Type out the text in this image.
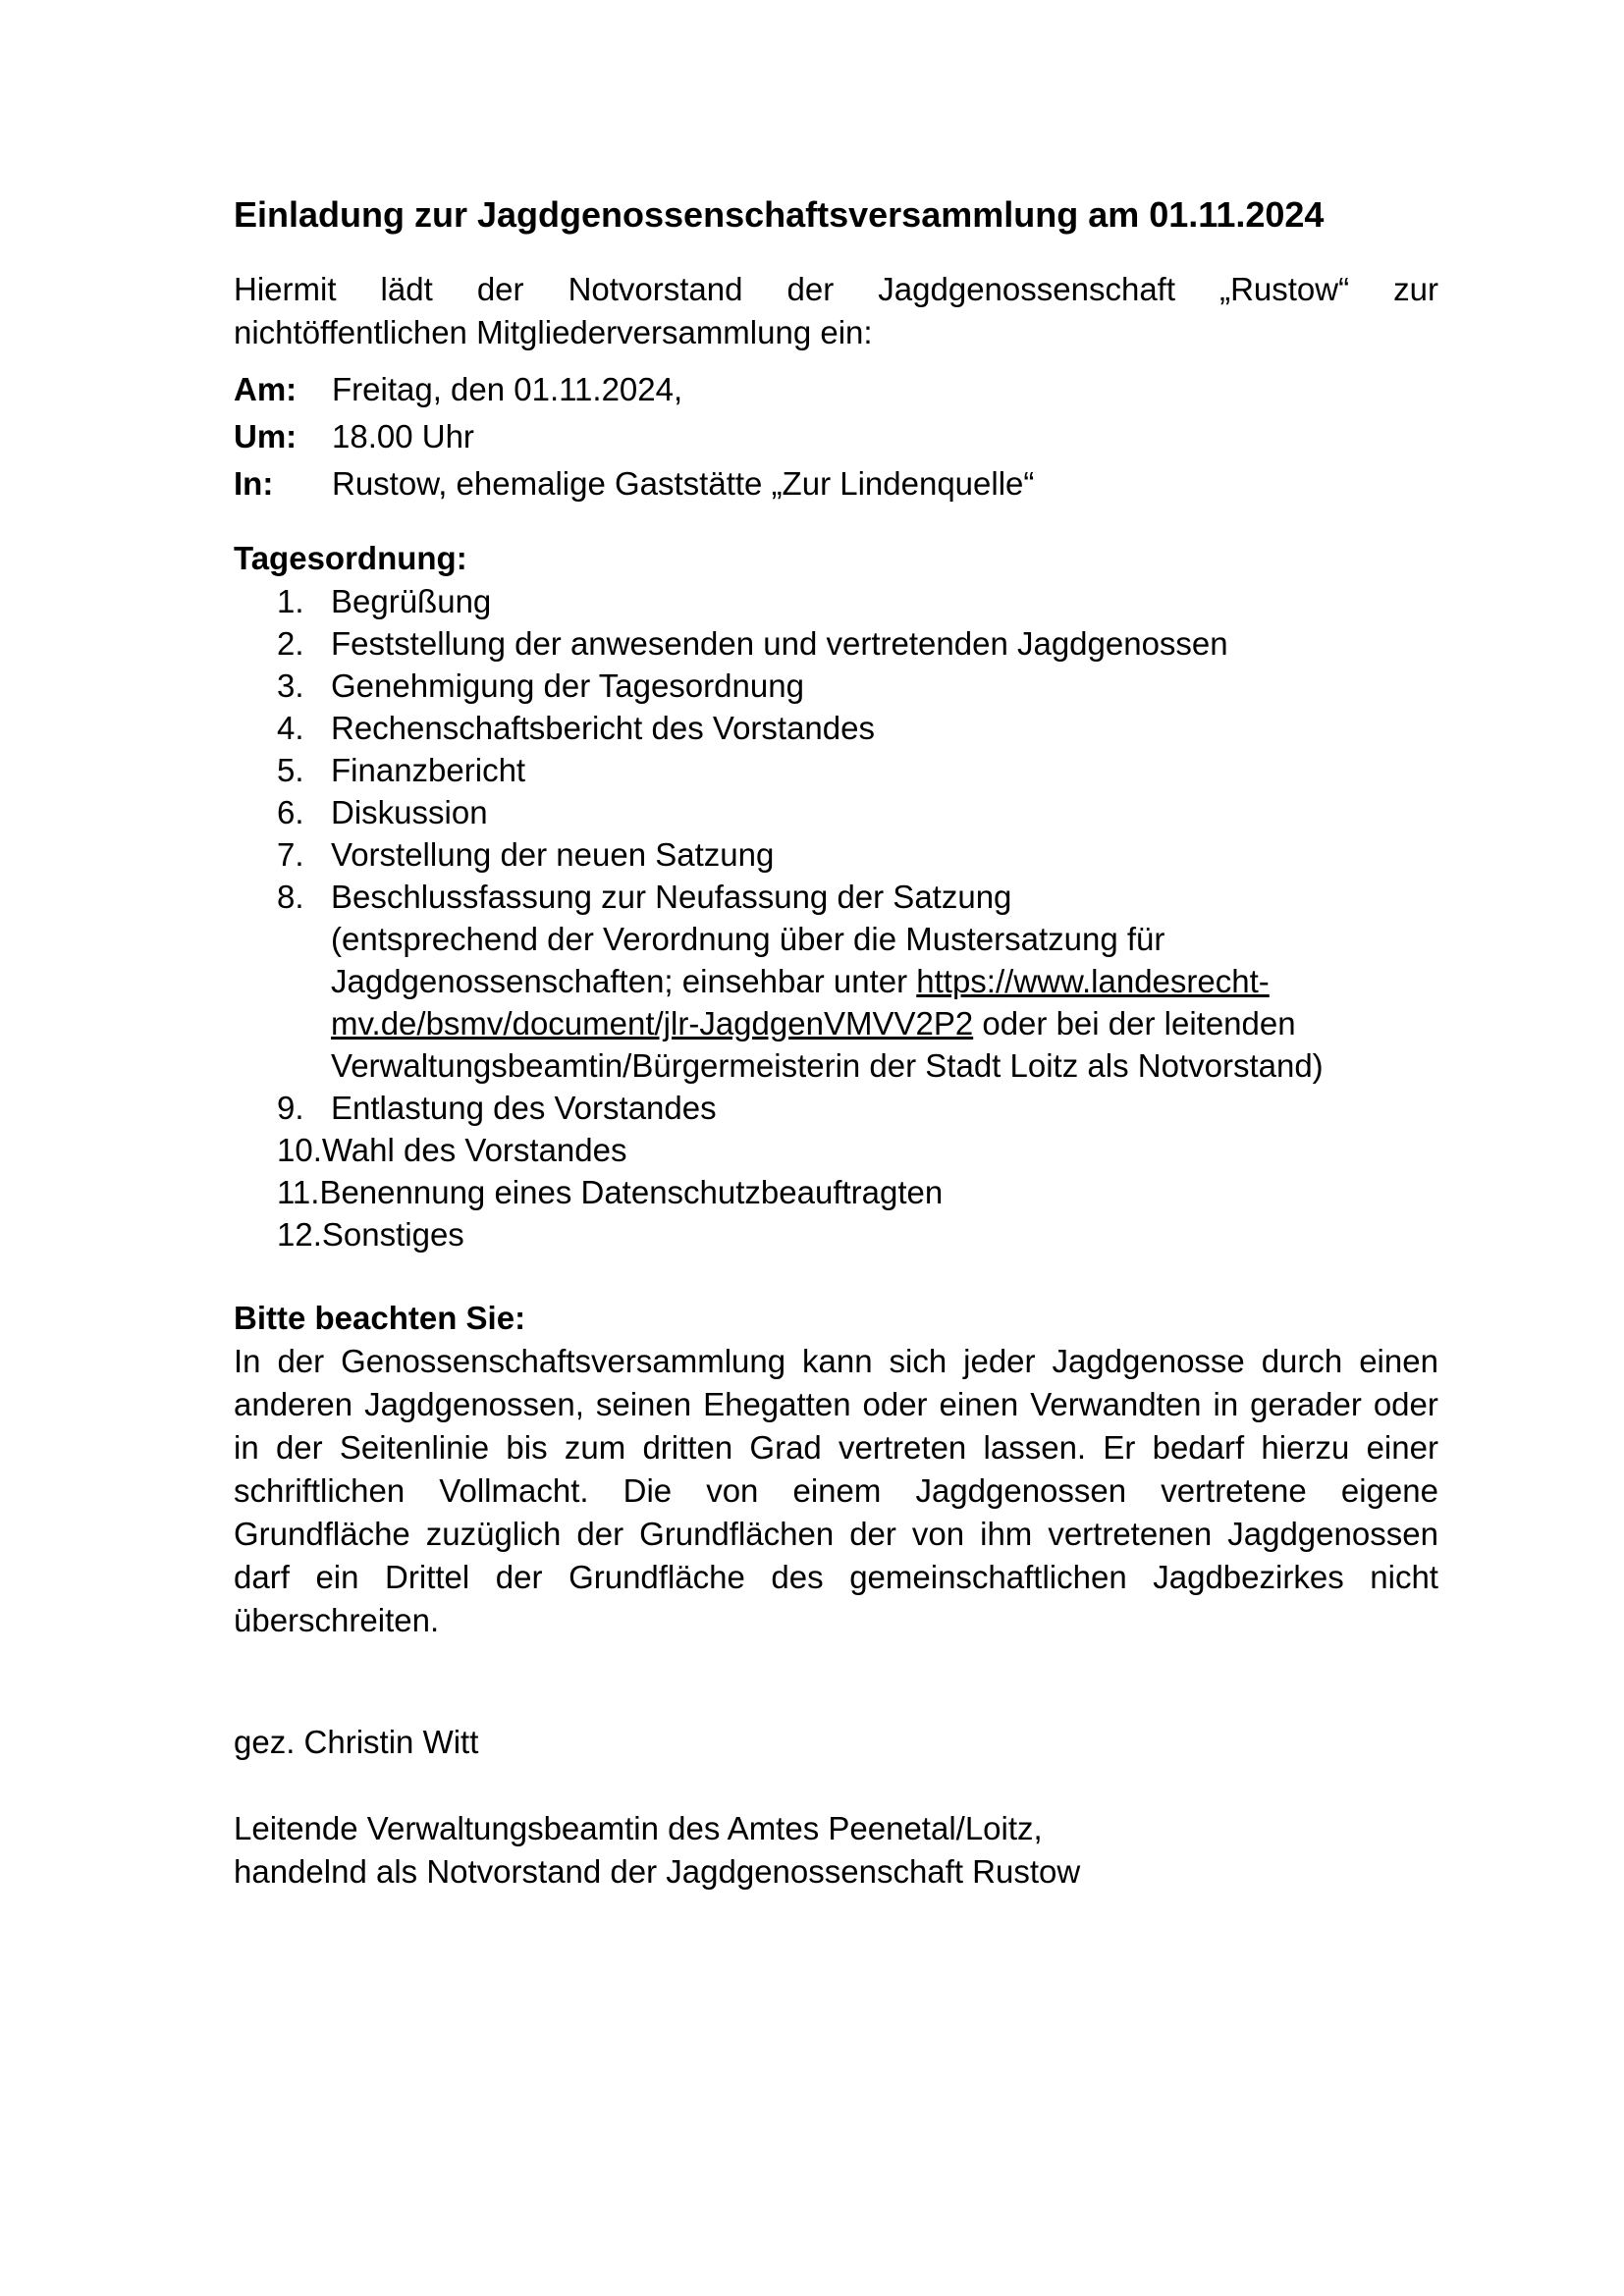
Einladung zur Jagdgenossenschaftsversammlung am 01.11.2024
Hiermit lädt der Notvorstand der Jagdgenossenschaft „Rustow“ zur
nichtöffentlichen Mitgliederversammlung ein:
Am:	Freitag, den 01.11.2024,
Um:	18.00 Uhr
In:	Rustow, ehemalige Gaststätte „Zur Lindenquelle“
Tagesordnung:
1. Begrüßung
2. Feststellung der anwesenden und vertretenden Jagdgenossen
3. Genehmigung der Tagesordnung
4. Rechenschaftsbericht des Vorstandes
5. Finanzbericht
6. Diskussion
7. Vorstellung der neuen Satzung
8. Beschlussfassung zur Neufassung der Satzung
(entsprechend der Verordnung über die Mustersatzung für
Jagdgenossenschaften; einsehbar unter https://www.landesrecht-
mv.de/bsmv/document/jlr-JagdgenVMVV2P2 oder bei der leitenden
Verwaltungsbeamtin/Bürgermeisterin der Stadt Loitz als Notvorstand)
9. Entlastung des Vorstandes
10. Wahl des Vorstandes
11. Benennung eines Datenschutzbeauftragten
12. Sonstiges
Bitte beachten Sie:
In der Genossenschaftsversammlung kann sich jeder Jagdgenosse durch einen
anderen Jagdgenossen, seinen Ehegatten oder einen Verwandten in gerader oder
in der Seitenlinie bis zum dritten Grad vertreten lassen. Er bedarf hierzu einer
schriftlichen Vollmacht. Die von einem Jagdgenossen vertretene eigene
Grundfläche zuzüglich der Grundflächen der von ihm vertretenen Jagdgenossen
darf ein Drittel der Grundfläche des gemeinschaftlichen Jagdbezirkes nicht
überschreiten.
gez. Christin Witt
Leitende Verwaltungsbeamtin des Amtes Peenetal/Loitz,
handelnd als Notvorstand der Jagdgenossenschaft Rustow
